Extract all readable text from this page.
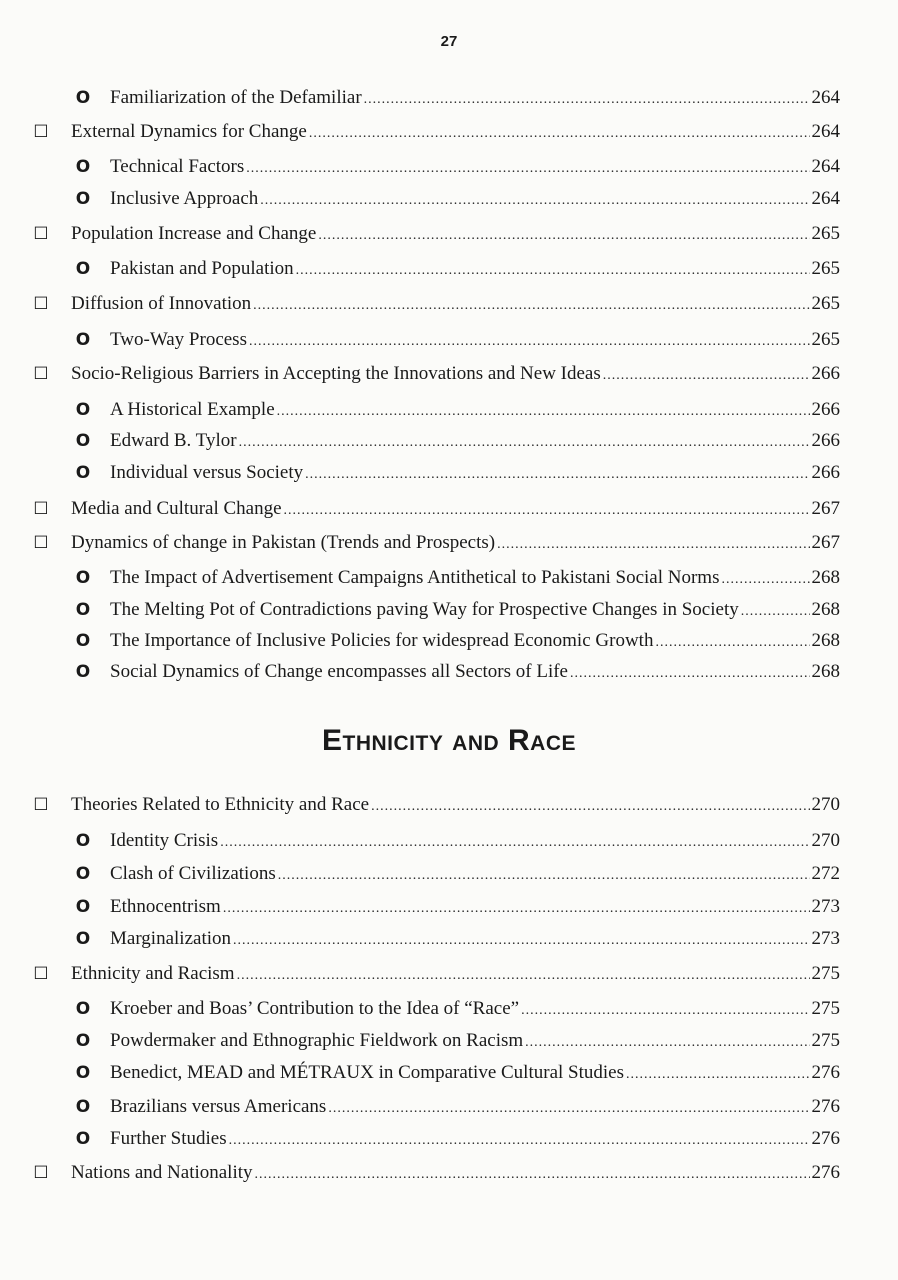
27
O Familiarization of the Defamiliar .....	264
☐ External Dynamics for Change .....	264
O Technical Factors .....	264
O Inclusive Approach .....	264
☐ Population Increase and Change .....	265
O Pakistan and Population .....	265
☐ Diffusion of Innovation .....	265
O Two-Way Process .....	265
☐ Socio-Religious Barriers in Accepting the Innovations and New Ideas .....	266
O A Historical Example .....	266
O Edward B. Tylor .....	266
O Individual versus Society .....	266
☐ Media and Cultural Change .....	267
☐ Dynamics of change in Pakistan (Trends and Prospects) .....	267
O The Impact of Advertisement Campaigns Antithetical to Pakistani Social Norms .....	268
O The Melting Pot of Contradictions paving Way for Prospective Changes in Society .....	268
O The Importance of Inclusive Policies for widespread Economic Growth .....	268
O Social Dynamics of Change encompasses all Sectors of Life .....	268
☐ Theories Related to Ethnicity and Race .....	270
O Identity Crisis .....	270
O Clash of Civilizations .....	272
O Ethnocentrism .....	273
O Marginalization .....	273
☐ Ethnicity and Racism .....	275
O Kroeber and Boas’ Contribution to the Idea of “Race” .....	275
O Powdermaker and Ethnographic Fieldwork on Racism .....	275
O Benedict, MEAD and MÉTRAUX in Comparative Cultural Studies .....	276
O Brazilians versus Americans .....	276
O Further Studies .....	276
☐ Nations and Nationality .....	276
Ethnicity and Race
